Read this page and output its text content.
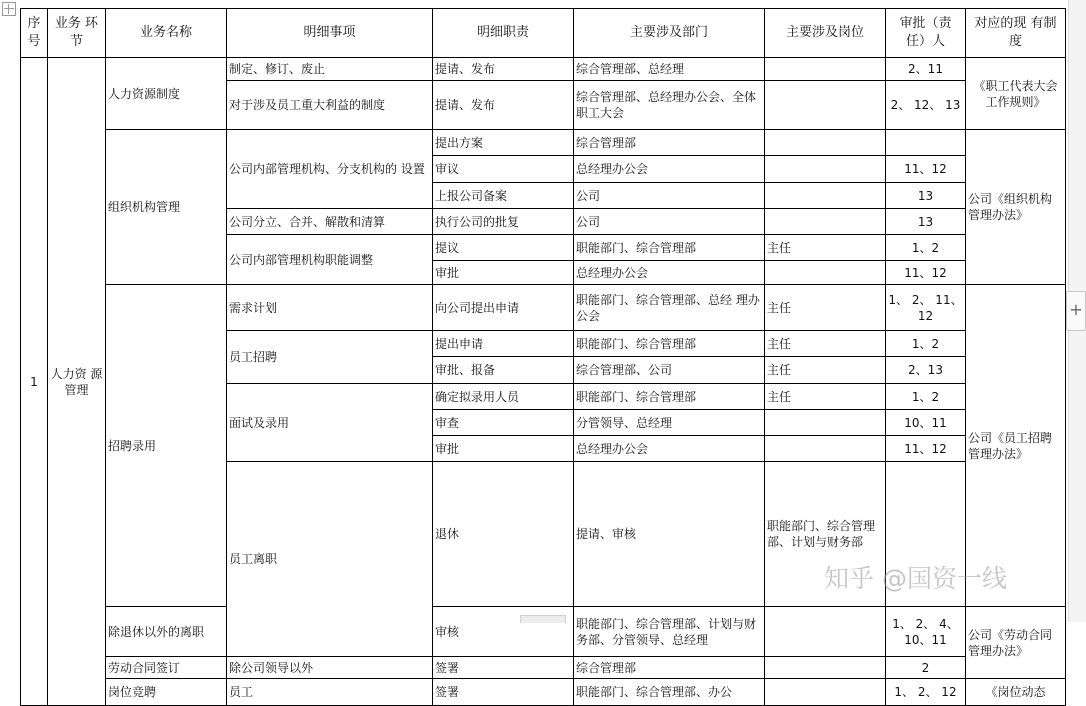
序号	业务 环节	业务名称	明细事项	明细职责	主要涉及部门	主要涉及岗位	审批（责 任）人	对应的现 有制度	
1	人力资 源管理	人力资源制度	制定、修订、废止	提请、发布	综合管理部、总经理		2、11	《职工代表大会工作规则》	
			对于涉及员工重大利益的制度	提请、发布	综合管理部、总经理办公会、全体职工大会		2、 12、 13		
		组织机构管理	公司内部管理机构、分支机构的 设置	提出方案	综合管理部			公司《组织机构管理办法》	
				审议	总经理办公会		11、12		
				上报公司备案	公司		13		
			公司分立、合并、解散和清算	执行公司的批复	公司		13		
			公司内部管理机构职能调整	提议	职能部门、综合管理部	主任	1、2		
				审批	总经理办公会		11、12		
		招聘录用	需求计划	向公司提出申请	职能部门、综合管理部、总经 理办公会	主任	1、 2、 11、 12	公司《员工招聘管理办法》	
			员工招聘	提出申请	职能部门、综合管理部	主任	1、2		
				审批、报备	综合管理部、公司	主任	2、13		
			面试及录用	确定拟录用人员	职能部门、综合管理部	主任	1、2		
				审查	分管领导、总经理		10、11		
				审批	总经理办公会		11、12		
			员工离职	退休	提请、审核	职能部门、综合管理部、计划与财务部			
		除退休以外的离职		审核	职能部门、综合管理部、计划与财务部、分管领导、总经理		1、 2、 4、 10、11	公司《劳动合同管理办法》	
		劳动合同签订	除公司领导以外	签署	综合管理部		2		
		岗位竞聘	员工	签署	职能部门、综合管理部、办公		1、 2、 12	《岗位动态	
+
知乎 @国资一线
